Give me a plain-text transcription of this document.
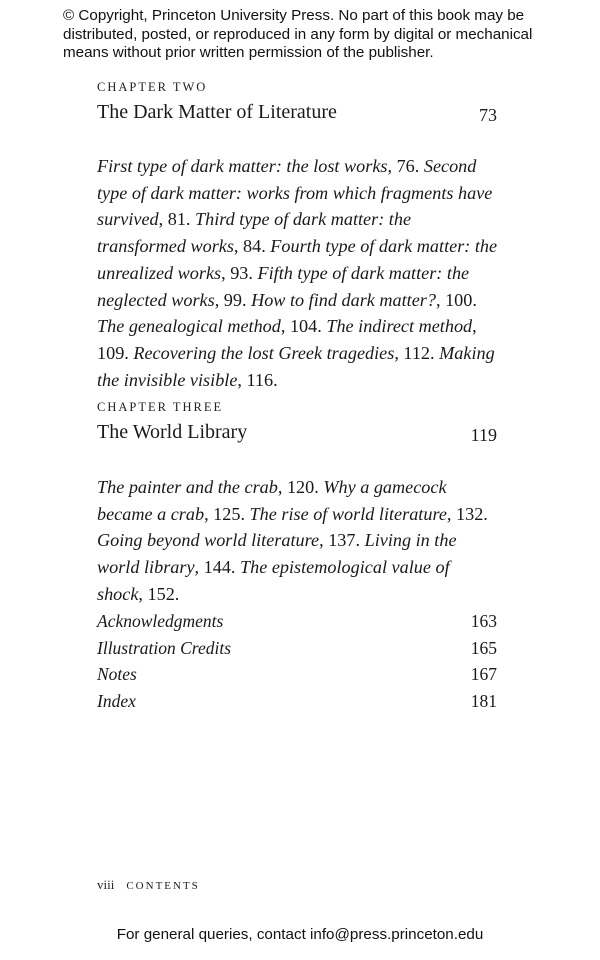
© Copyright, Princeton University Press. No part of this book may be
distributed, posted, or reproduced in any form by digital or mechanical
means without prior written permission of the publisher.
CHAPTER TWO
The Dark Matter of Literature	73
First type of dark matter: the lost works, 76. Second type of dark matter: works from which fragments have survived, 81. Third type of dark matter: the transformed works, 84. Fourth type of dark matter: the unrealized works, 93. Fifth type of dark matter: the neglected works, 99. How to find dark matter?, 100. The genealogical method, 104. The indirect method, 109. Recovering the lost Greek tragedies, 112. Making the invisible visible, 116.
CHAPTER THREE
The World Library	119
The painter and the crab, 120. Why a gamecock became a crab, 125. The rise of world literature, 132. Going beyond world literature, 137. Living in the world library, 144. The epistemological value of shock, 152.
Acknowledgments	163
Illustration Credits	165
Notes	167
Index	181
viii CONTENTS
For general queries, contact info@press.princeton.edu
